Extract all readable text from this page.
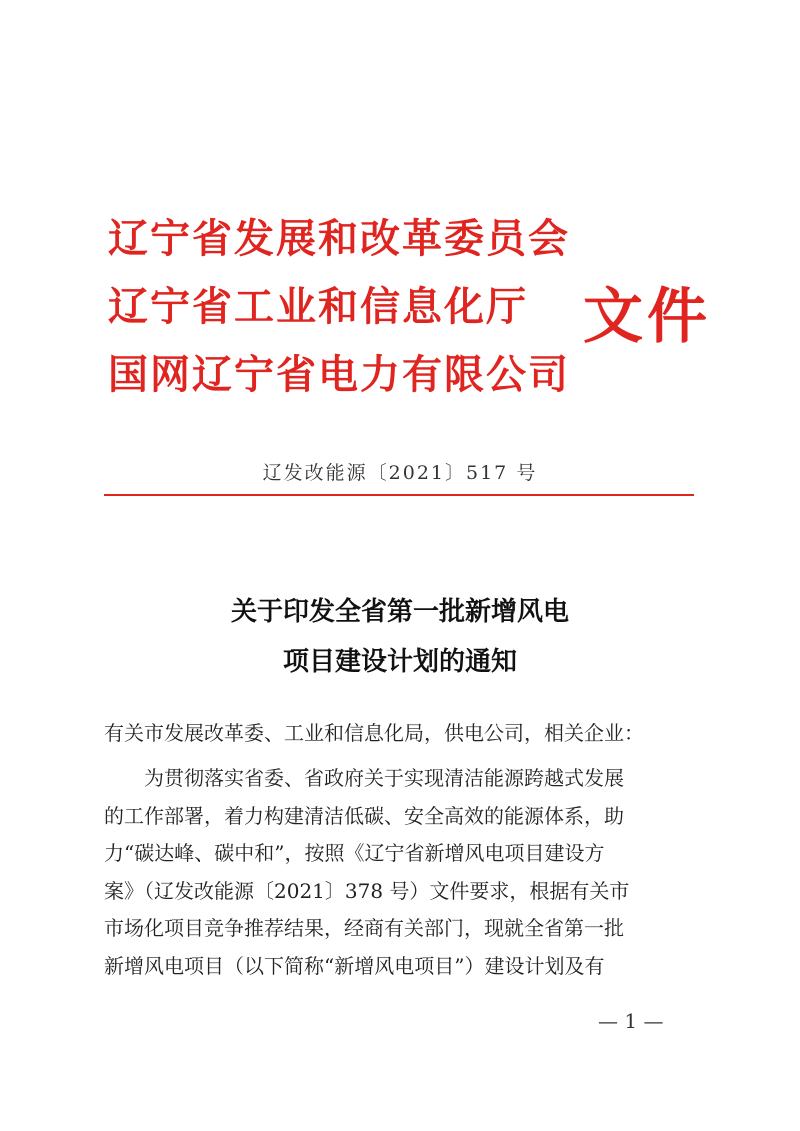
辽宁省发展和改革委员会
辽宁省工业和信息化厅
国网辽宁省电力有限公司
文件
辽发改能源〔2021〕517 号
关于印发全省第一批新增风电
项目建设计划的通知
有关市发展改革委、工业和信息化局，供电公司，相关企业：
为贯彻落实省委、省政府关于实现清洁能源跨越式发展
的工作部署，着力构建清洁低碳、安全高效的能源体系，助
力“碳达峰、碳中和”，按照《辽宁省新增风电项目建设方
案》（辽发改能源〔2021〕378 号）文件要求，根据有关市
市场化项目竞争推荐结果，经商有关部门，现就全省第一批
新增风电项目（以下简称“新增风电项目”）建设计划及有
— 1 —
